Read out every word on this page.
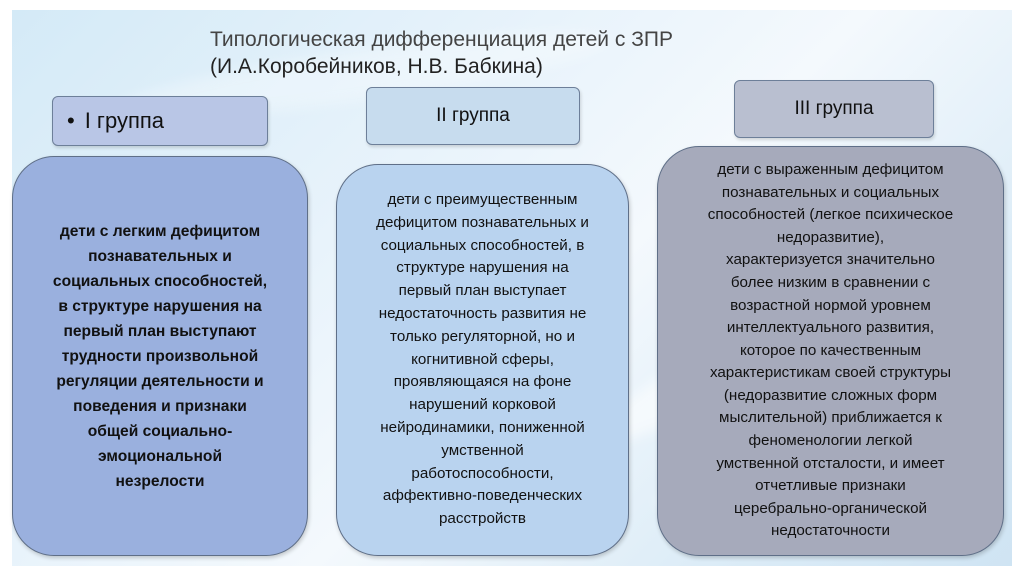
Типологическая дифференциация детей с ЗПР
(И.А.Коробейников, Н.В. Бабкина)
• I группа	II группа	III группа
дети с легким дефицитом
познавательных и
социальных способностей,
в структуре нарушения на
первый план выступают
трудности произвольной
регуляции деятельности и
поведения и признаки
общей социально-
эмоциональной
незрелости
дети с преимущественным
дефицитом познавательных и
социальных способностей, в
структуре нарушения на
первый план выступает
недостаточность развития не
только регуляторной, но и
когнитивной сферы,
проявляющаяся на фоне
нарушений корковой
нейродинамики, пониженной
умственной
работоспособности,
аффективно-поведенческих
расстройств
дети с выраженным дефицитом
познавательных и социальных
способностей (легкое психическое
недоразвитие),
характеризуется значительно
более низким в сравнении с
возрастной нормой уровнем
интеллектуального развития,
которое по качественным
характеристикам своей структуры
(недоразвитие сложных форм
мыслительной) приближается к
феноменологии легкой
умственной отсталости, и имеет
отчетливые признаки
церебрально-органической
недостаточности
